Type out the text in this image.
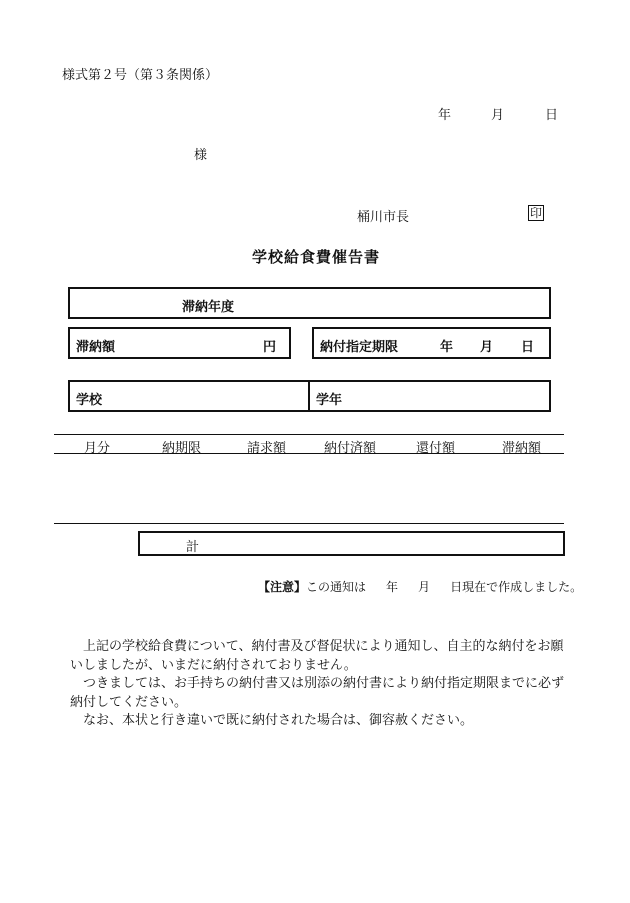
様式第２号（第３条関係）
年	月	日
様
桶川市長	印
学校給食費催告書
滞納年度
滞納額	円	納付指定期限	年 月 日
学校	学年
月分	納期限	請求額	納付済額	還付額	滞納額
計
【注意】この通知は 年 月 日現在で作成しました。

　上記の学校給食費について、納付書及び督促状により通知し、自主的な納付をお願いしましたが、いまだに納付されておりません。

　つきましては、お手持ちの納付書又は別添の納付書により納付指定期限までに必ず納付してください。

　なお、本状と行き違いで既に納付された場合は、御容赦ください。
